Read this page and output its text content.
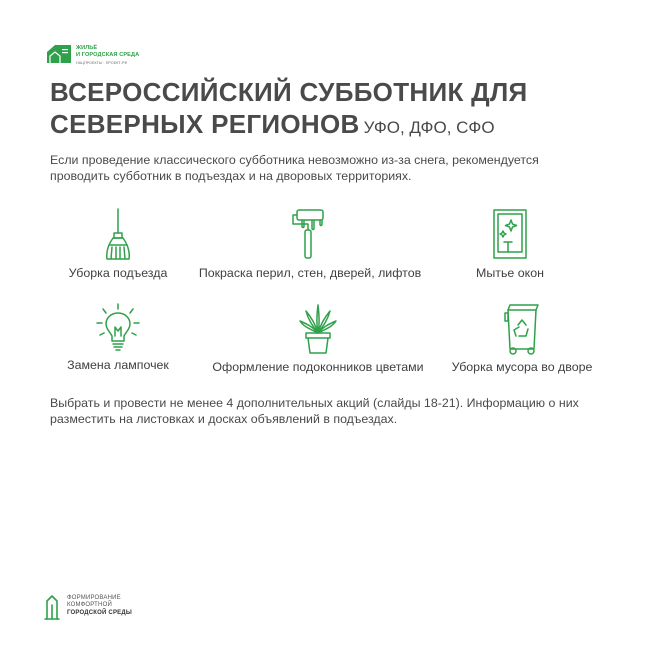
ЖИЛЬЁ
И ГОРОДСКАЯ СРЕДА
НАЦПРОЕКТЫ · ПРОЕКТ-РФ
ВСЕРОССИЙСКИЙ СУББОТНИК ДЛЯ
СЕВЕРНЫХ РЕГИОНОВ УФО, ДФО, СФО

Если проведение классического субботника невозможно из-за снега, рекомендуется

проводить субботник в подъездах и на дворовых территориях.

Уборка подъезда	Покраска перил, стен, дверей, лифтов	Мытье окон
Замена лампочек	Оформление подоконников цветами	Уборка мусора во дворе

Выбрать и провести не менее 4 дополнительных акций (слайды 18-21). Информацию о них

разместить на листовках и досках объявлений в подъездах.

ФОРМИРОВАНИЕ
КОМФОРТНОЙ
ГОРОДСКОЙ СРЕДЫ
